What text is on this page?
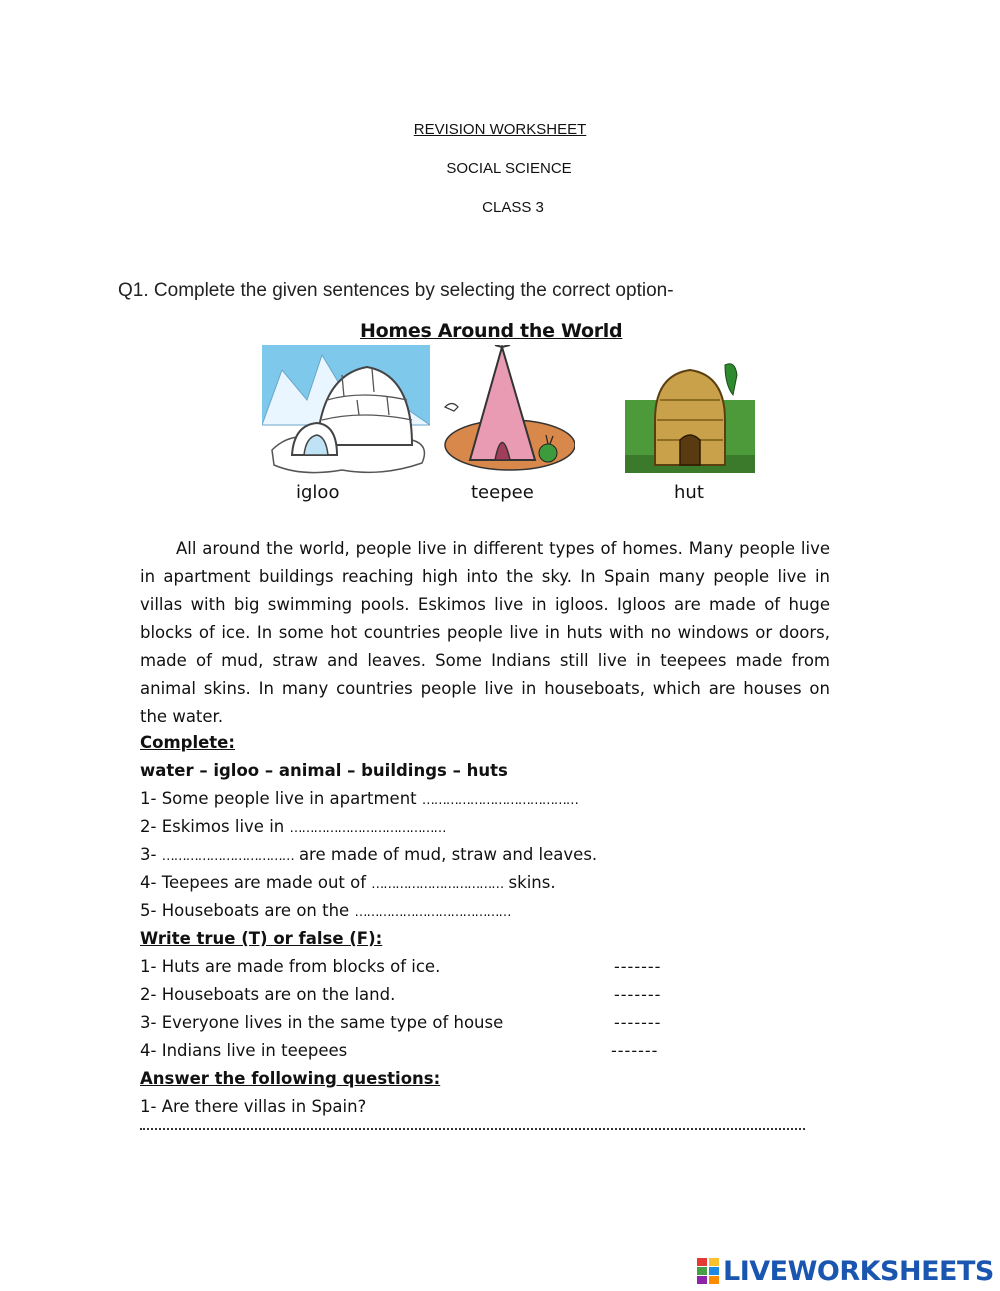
REVISION WORKSHEET
SOCIAL SCIENCE
CLASS 3
Q1. Complete the given sentences by selecting the correct option-
Homes Around the World
igloo	teepee	hut
All around the world, people live in different types of homes. Many people live in apartment buildings reaching high into the sky. In Spain many people live in villas with big swimming pools. Eskimos live in igloos. Igloos are made of huge blocks of ice. In some hot countries people live in huts with no windows or doors, made of mud, straw and leaves. Some Indians still live in teepees made from animal skins. In many countries people live in houseboats, which are houses on the water.
Complete:
water – igloo – animal – buildings – huts
1- Some people live in apartment …………………………………
2- Eskimos live in …………………………………
3- …………………………… are made of mud, straw and leaves.
4- Teepees are made out of …………………………… skins.
5- Houseboats are on the …………………………………
Write true (T) or false (F):
1- Huts are made from blocks of ice.	-------
2- Houseboats are on the land.	-------
3- Everyone lives in the same type of house	-------
4- Indians live in teepees	-------
Answer the following questions:
1- Are there villas in Spain?
LIVEWORKSHEETS
